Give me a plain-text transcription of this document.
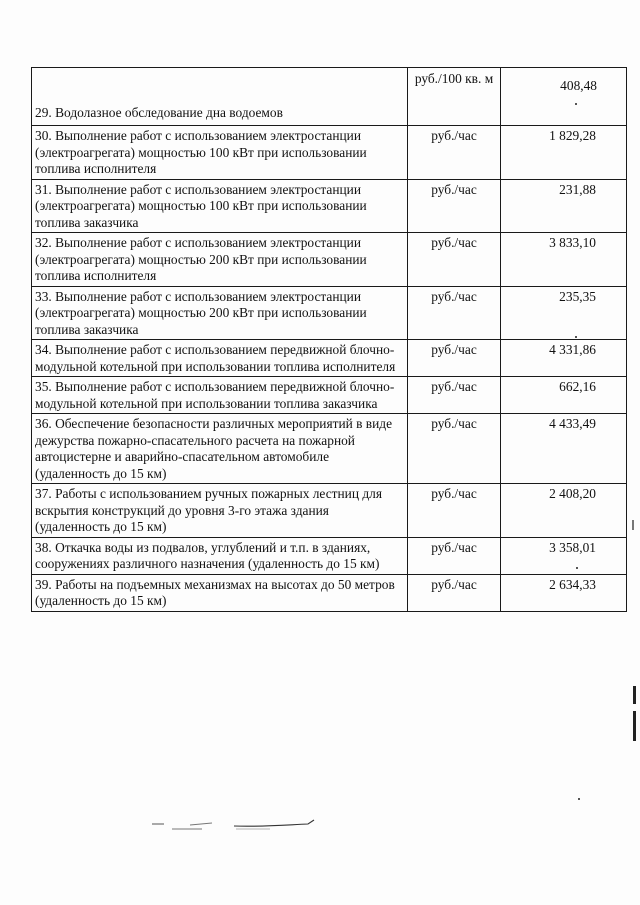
29. Водолазное обследование дна водоемов	руб./100 кв. м	408,48
30. Выполнение работ с использованием электростанции (электроагрегата) мощностью 100 кВт при использовании топлива исполнителя	руб./час	1 829,28
31. Выполнение работ с использованием электростанции (электроагрегата) мощностью 100 кВт при использовании топлива заказчика	руб./час	231,88
32. Выполнение работ с использованием электростанции (электроагрегата) мощностью 200 кВт при использовании топлива исполнителя	руб./час	3 833,10
33. Выполнение работ с использованием электростанции (электроагрегата) мощностью 200 кВт при использовании топлива заказчика	руб./час	235,35
34. Выполнение работ с использованием передвижной блочно-модульной котельной при использовании топлива исполнителя	руб./час	4 331,86
35. Выполнение работ с использованием передвижной блочно-модульной котельной при использовании топлива заказчика	руб./час	662,16
36. Обеспечение безопасности различных мероприятий в виде дежурства пожарно-спасательного расчета на пожарной автоцистерне и аварийно-спасательном автомобиле (удаленность до 15 км)	руб./час	4 433,49
37. Работы с использованием ручных пожарных лестниц для вскрытия конструкций до уровня 3-го этажа здания (удаленность до 15 км)	руб./час	2 408,20
38. Откачка воды из подвалов, углублений и т.п. в зданиях, сооружениях различного назначения (удаленность до 15 км)	руб./час	3 358,01
39. Работы на подъемных механизмах на высотах до 50 метров (удаленность до 15 км)	руб./час	2 634,33
